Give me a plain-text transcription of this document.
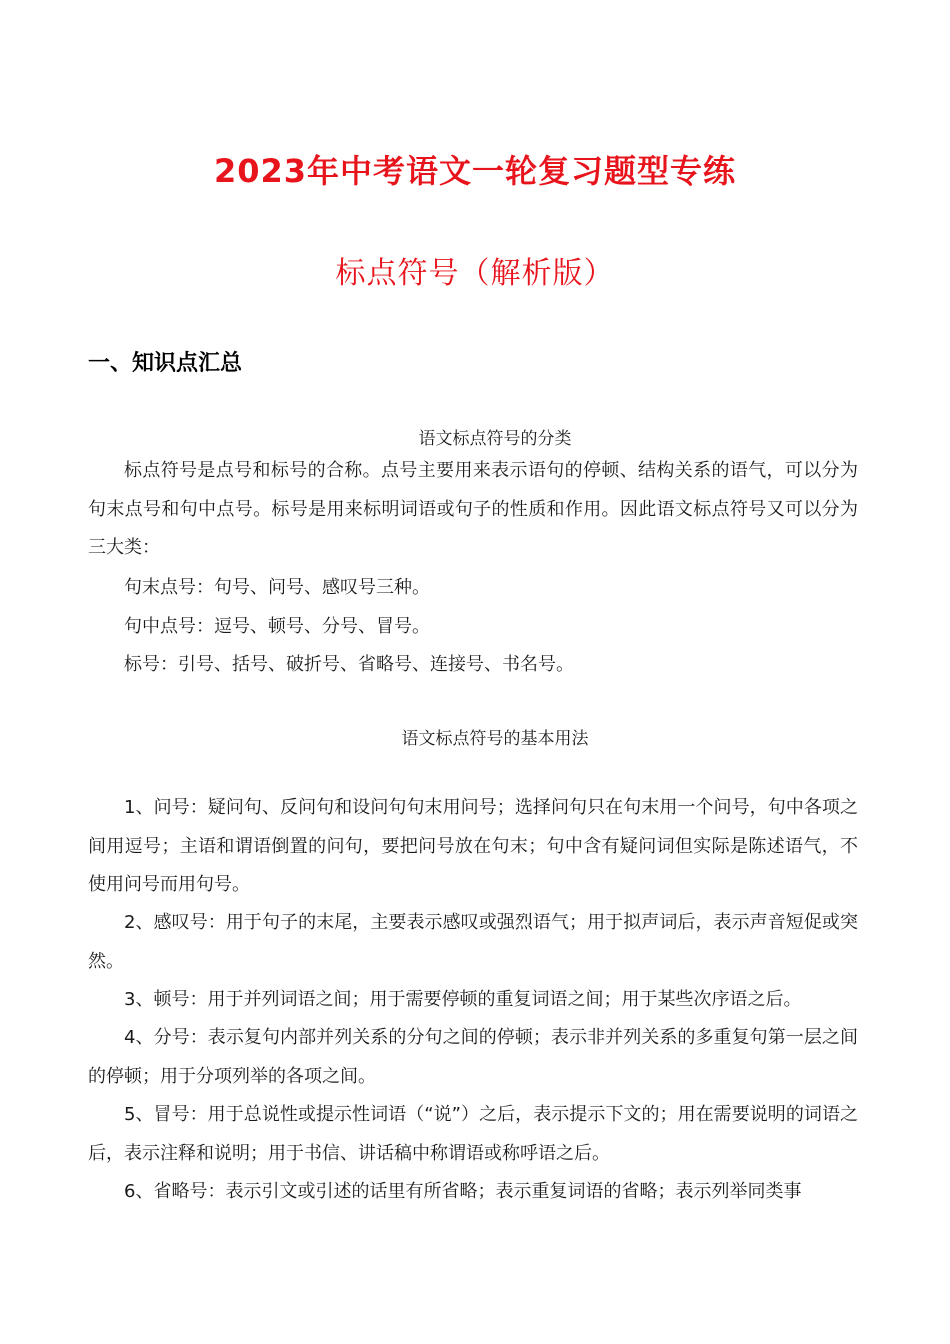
2023年中考语文一轮复习题型专练
标点符号（解析版）
一、知识点汇总
语文标点符号的分类

标点符号是点号和标号的合称。点号主要用来表示语句的停顿、结构关系的语气，可以分为句末点号和句中点号。标号是用来标明词语或句子的性质和作用。因此语文标点符号又可以分为三大类：

句末点号：句号、问号、感叹号三种。
句中点号：逗号、顿号、分号、冒号。
标号：引号、括号、破折号、省略号、连接号、书名号。
语文标点符号的基本用法

1、问号：疑问句、反问句和设问句句末用问号；选择问句只在句末用一个问号，句中各项之间用逗号；主语和谓语倒置的问句，要把问号放在句末；句中含有疑问词但实际是陈述语气，不使用问号而用句号。

2、感叹号：用于句子的末尾，主要表示感叹或强烈语气；用于拟声词后，表示声音短促或突然。

3、顿号：用于并列词语之间；用于需要停顿的重复词语之间；用于某些次序语之后。

4、分号：表示复句内部并列关系的分句之间的停顿；表示非并列关系的多重复句第一层之间的停顿；用于分项列举的各项之间。

5、冒号：用于总说性或提示性词语（“说”）之后，表示提示下文的；用在需要说明的词语之后，表示注释和说明；用于书信、讲话稿中称谓语或称呼语之后。

6、省略号：表示引文或引述的话里有所省略；表示重复词语的省略；表示列举同类事
